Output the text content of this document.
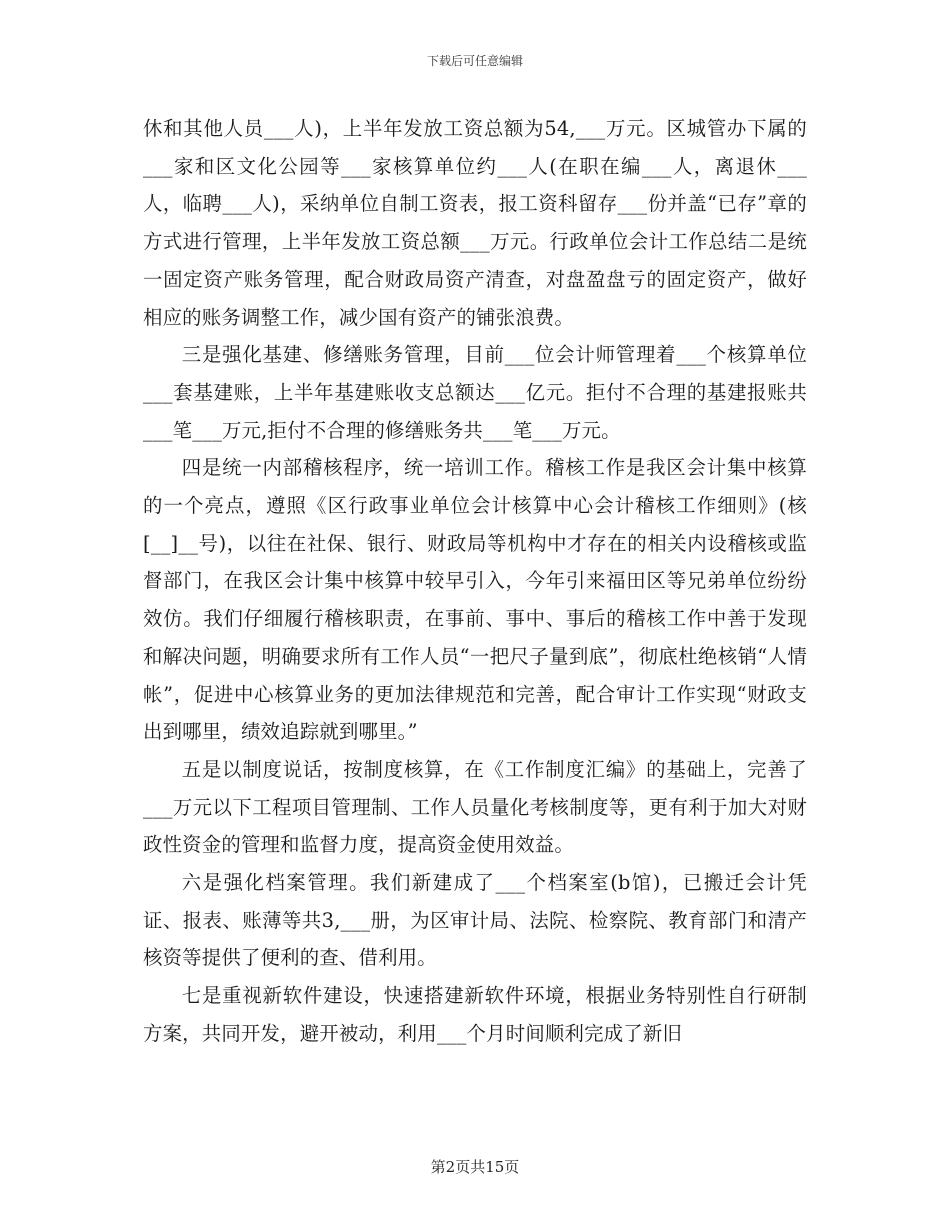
下载后可任意编辑

休和其他人员___人)，上半年发放工资总额为54,___万元。区城管办下属的___家和区文化公园等___家核算单位约___人(在职在编___人，离退休___人，临聘___人)，采纳单位自制工资表，报工资科留存___份并盖“已存”章的方式进行管理，上半年发放工资总额___万元。行政单位会计工作总结二是统一固定资产账务管理，配合财政局资产清查，对盘盈盘亏的固定资产，做好相应的账务调整工作，减少国有资产的铺张浪费。

三是强化基建、修缮账务管理，目前___位会计师管理着___个核算单位___套基建账，上半年基建账收支总额达___亿元。拒付不合理的基建报账共___笔___万元,拒付不合理的修缮账务共___笔___万元。

四是统一内部稽核程序，统一培训工作。稽核工作是我区会计集中核算的一个亮点，遵照《区行政事业单位会计核算中心会计稽核工作细则》(核[__]__号)，以往在社保、银行、财政局等机构中才存在的相关内设稽核或监督部门，在我区会计集中核算中较早引入，今年引来福田区等兄弟单位纷纷效仿。我们仔细履行稽核职责，在事前、事中、事后的稽核工作中善于发现和解决问题，明确要求所有工作人员“一把尺子量到底”，彻底杜绝核销“人情帐”，促进中心核算业务的更加法律规范和完善，配合审计工作实现“财政支出到哪里，绩效追踪就到哪里。”

五是以制度说话，按制度核算，在《工作制度汇编》的基础上，完善了___万元以下工程项目管理制、工作人员量化考核制度等，更有利于加大对财政性资金的管理和监督力度，提高资金使用效益。

六是强化档案管理。我们新建成了___个档案室(b馆)，已搬迁会计凭证、报表、账薄等共3,___册，为区审计局、法院、检察院、教育部门和清产核资等提供了便利的查、借利用。

七是重视新软件建设，快速搭建新软件环境，根据业务特别性自行研制方案，共同开发，避开被动，利用___个月时间顺利完成了新旧

第2页共15页
